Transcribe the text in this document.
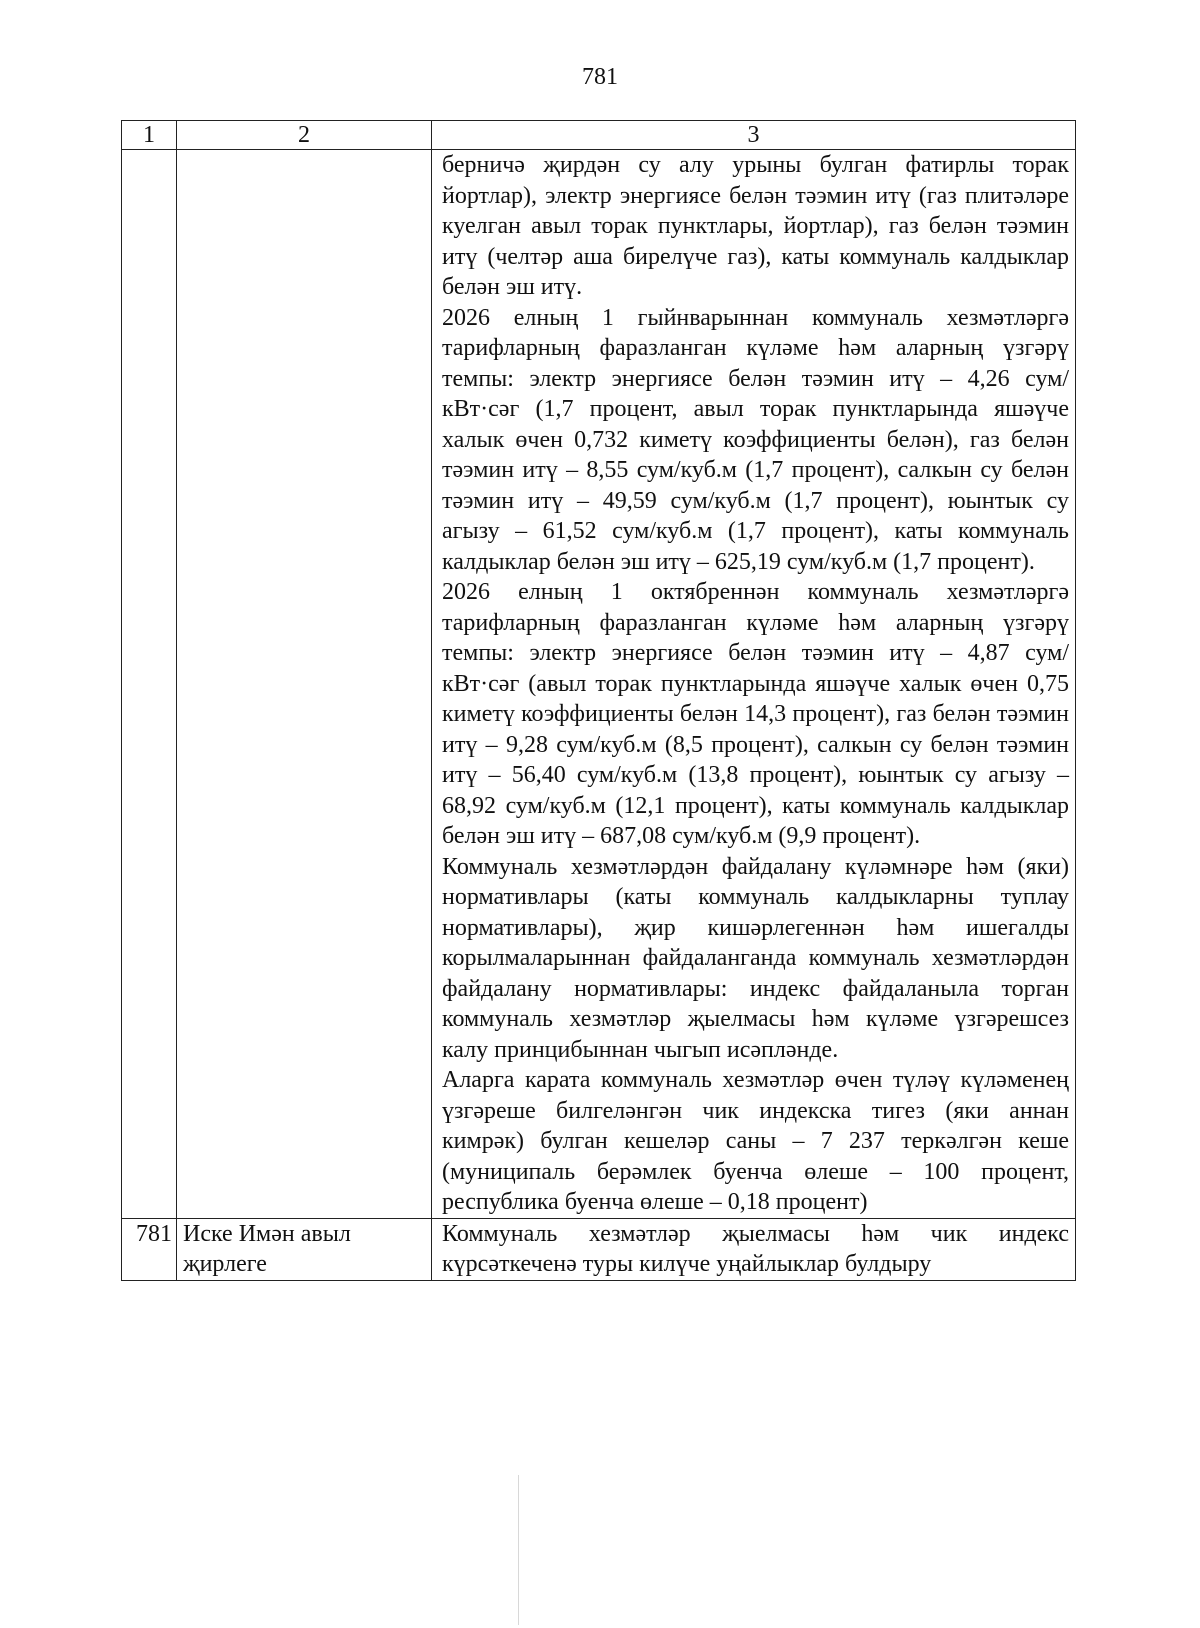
781
1	2	3

		берничә җирдән су алу урыны булган фатирлы торак йортлар), электр энергиясе белән тәэмин итү (газ плитәләре куелган авыл торак пунктлары, йортлар), газ белән тәэмин итү (челтәр аша бирелүче газ), каты коммуналь калдыклар белән эш итү.

2026 елның 1 гыйнварыннан коммуналь хезмәтләргә тарифларның фаразланган күләме һәм аларның үзгәрү темпы: электр энергиясе белән тәэмин итү – 4,26 сум/кВт·сәг (1,7 процент, авыл торак пунктларында яшәүче халык өчен 0,732 киметү коэффициенты белән), газ белән тәэмин итү – 8,55 сум/куб.м (1,7 процент), салкын су белән тәэмин итү – 49,59 сум/куб.м (1,7 процент), юынтык су агызу – 61,52 сум/куб.м (1,7 процент), каты коммуналь калдыклар белән эш итү – 625,19 сум/куб.м (1,7 процент).

2026 елның 1 октябреннән коммуналь хезмәтләргә тарифларның фаразланган күләме һәм аларның үзгәрү темпы: электр энергиясе белән тәэмин итү – 4,87 сум/кВт·сәг (авыл торак пунктларында яшәүче халык өчен 0,75 киметү коэффициенты белән 14,3 процент), газ белән тәэмин итү – 9,28 сум/куб.м (8,5 процент), салкын су белән тәэмин итү – 56,40 сум/куб.м (13,8 процент), юынтык су агызу – 68,92 сум/куб.м (12,1 процент), каты коммуналь калдыклар белән эш итү – 687,08 сум/куб.м (9,9 процент).

Коммуналь хезмәтләрдән файдалану күләмнәре һәм (яки) нормативлары (каты коммуналь калдыкларны туплау нормативлары), җир кишәрлегеннән һәм ишегалды корылмаларыннан файдаланганда коммуналь хезмәтләрдән файдалану нормативлары: индекс файдаланыла торган коммуналь хезмәтләр җыелмасы һәм күләме үзгәрешсез калу принцибыннан чыгып исәпләнде.

Аларга карата коммуналь хезмәтләр өчен түләү күләменең үзгәреше билгеләнгән чик индекска тигез (яки аннан кимрәк) булган кешеләр саны – 7 237 теркәлгән кеше (муниципаль берәмлек буенча өлеше – 100 процент, республика буенча өлеше – 0,18 процент)

781	Иске Имән авыл җирлеге	Коммуналь хезмәтләр җыелмасы һәм чик индекс күрсәткеченә туры килүче уңайлыклар булдыру
